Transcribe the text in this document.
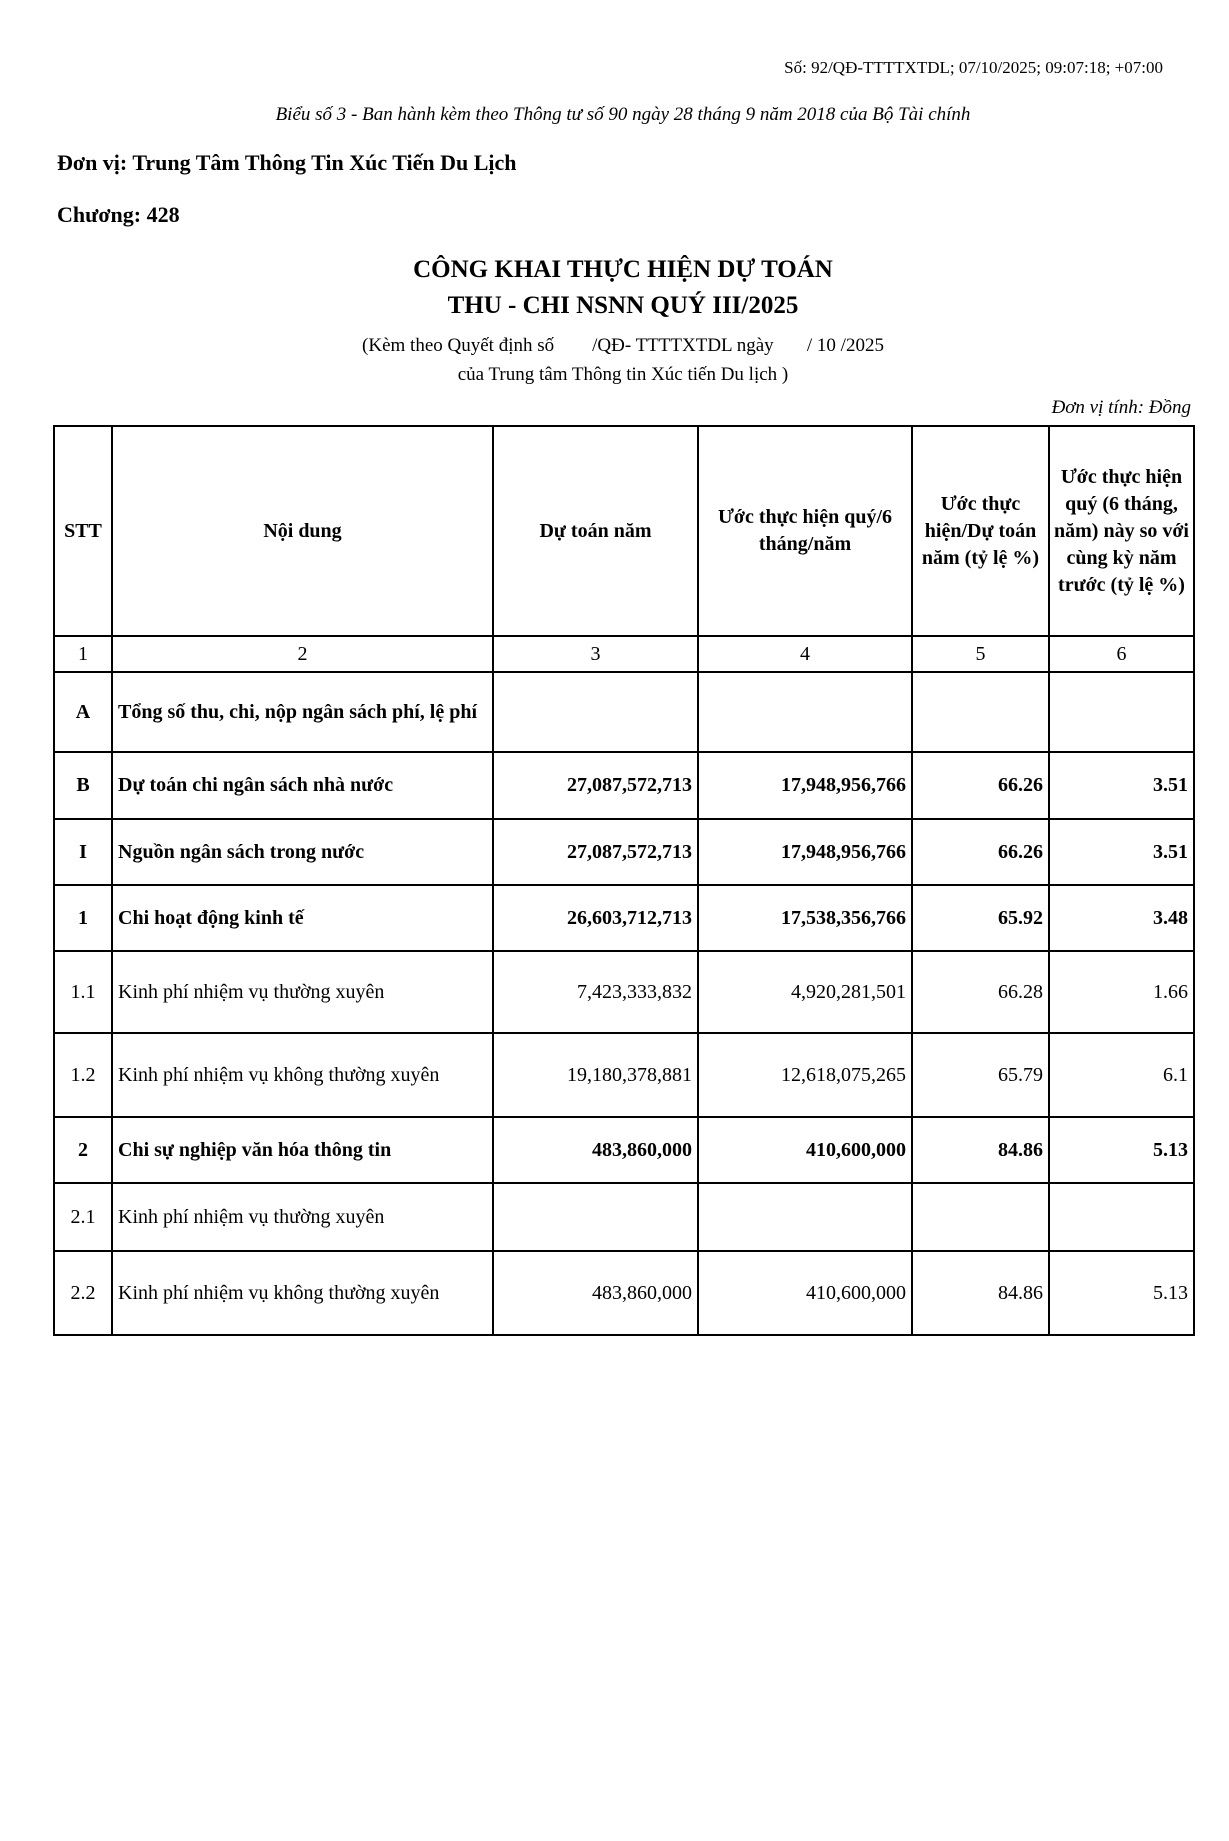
Số: 92/QĐ-TTTTXTDL; 07/10/2025; 09:07:18; +07:00
Biểu số 3 - Ban hành kèm theo Thông tư số 90 ngày 28 tháng 9 năm 2018 của Bộ Tài chính
Đơn vị: Trung Tâm Thông Tin Xúc Tiến Du Lịch
Chương: 428
CÔNG KHAI THỰC HIỆN DỰ TOÁN
THU - CHI NSNN QUÝ III/2025
(Kèm theo Quyết định số        /QĐ- TTTTXTDL ngày       / 10 /2025
của Trung tâm Thông tin Xúc tiến Du lịch )
Đơn vị tính: Đồng
STT	Nội dung	Dự toán năm	Ước thực hiện quý/6 tháng/năm	Ước thực hiện/Dự toán năm (tỷ lệ %)	Ước thực hiện quý (6 tháng, năm) này so với cùng kỳ năm trước (tỷ lệ %)
1	2	3	4	5	6
A	Tổng số thu, chi, nộp ngân sách phí, lệ phí				
B	Dự toán chi ngân sách nhà nước	27,087,572,713	17,948,956,766	66.26	3.51
I	Nguồn ngân sách trong nước	27,087,572,713	17,948,956,766	66.26	3.51
1	Chi hoạt động kinh tế	26,603,712,713	17,538,356,766	65.92	3.48
1.1	Kinh phí nhiệm vụ thường xuyên	7,423,333,832	4,920,281,501	66.28	1.66
1.2	Kinh phí nhiệm vụ không thường xuyên	19,180,378,881	12,618,075,265	65.79	6.1
2	Chi sự nghiệp văn hóa thông tin	483,860,000	410,600,000	84.86	5.13
2.1	Kinh phí nhiệm vụ thường xuyên				
2.2	Kinh phí nhiệm vụ không thường xuyên	483,860,000	410,600,000	84.86	5.13
